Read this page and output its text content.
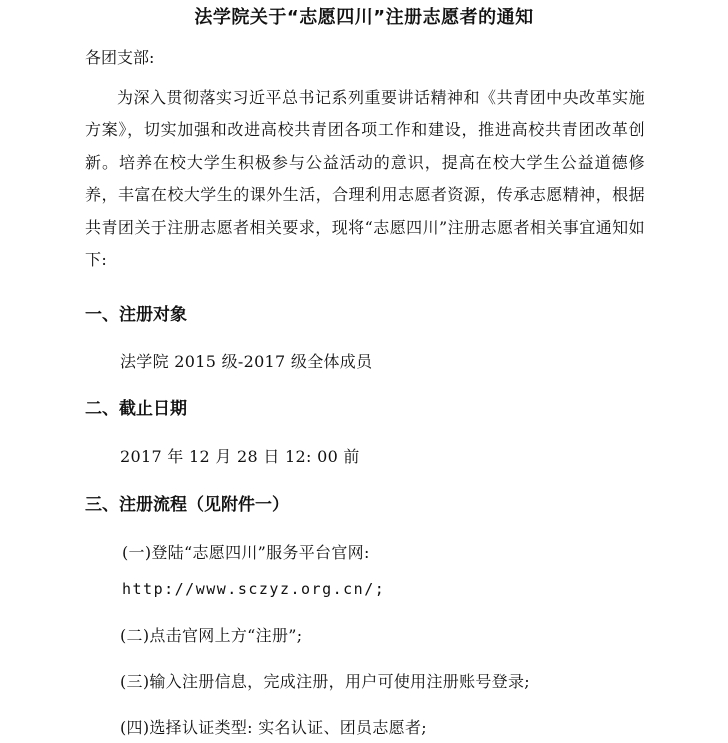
法学院关于“志愿四川”注册志愿者的通知
各团支部:
为深入贯彻落实习近平总书记系列重要讲话精神和《共青团中央改革实施方案》，切实加强和改进高校共青团各项工作和建设，推进高校共青团改革创新。培养在校大学生积极参与公益活动的意识，提高在校大学生公益道德修养，丰富在校大学生的课外生活，合理利用志愿者资源，传承志愿精神，根据共青团关于注册志愿者相关要求，现将“志愿四川”注册志愿者相关事宜通知如下:
一、注册对象
法学院 2015 级-2017 级全体成员
二、截止日期
2017 年 12 月 28 日 12: 00 前
三、注册流程（见附件一）
(一)登陆“志愿四川”服务平台官网:
http://www.sczyz.org.cn/;
(二)点击官网上方“注册”;
(三)输入注册信息，完成注册，用户可使用注册账号登录;
(四)选择认证类型: 实名认证、团员志愿者;
